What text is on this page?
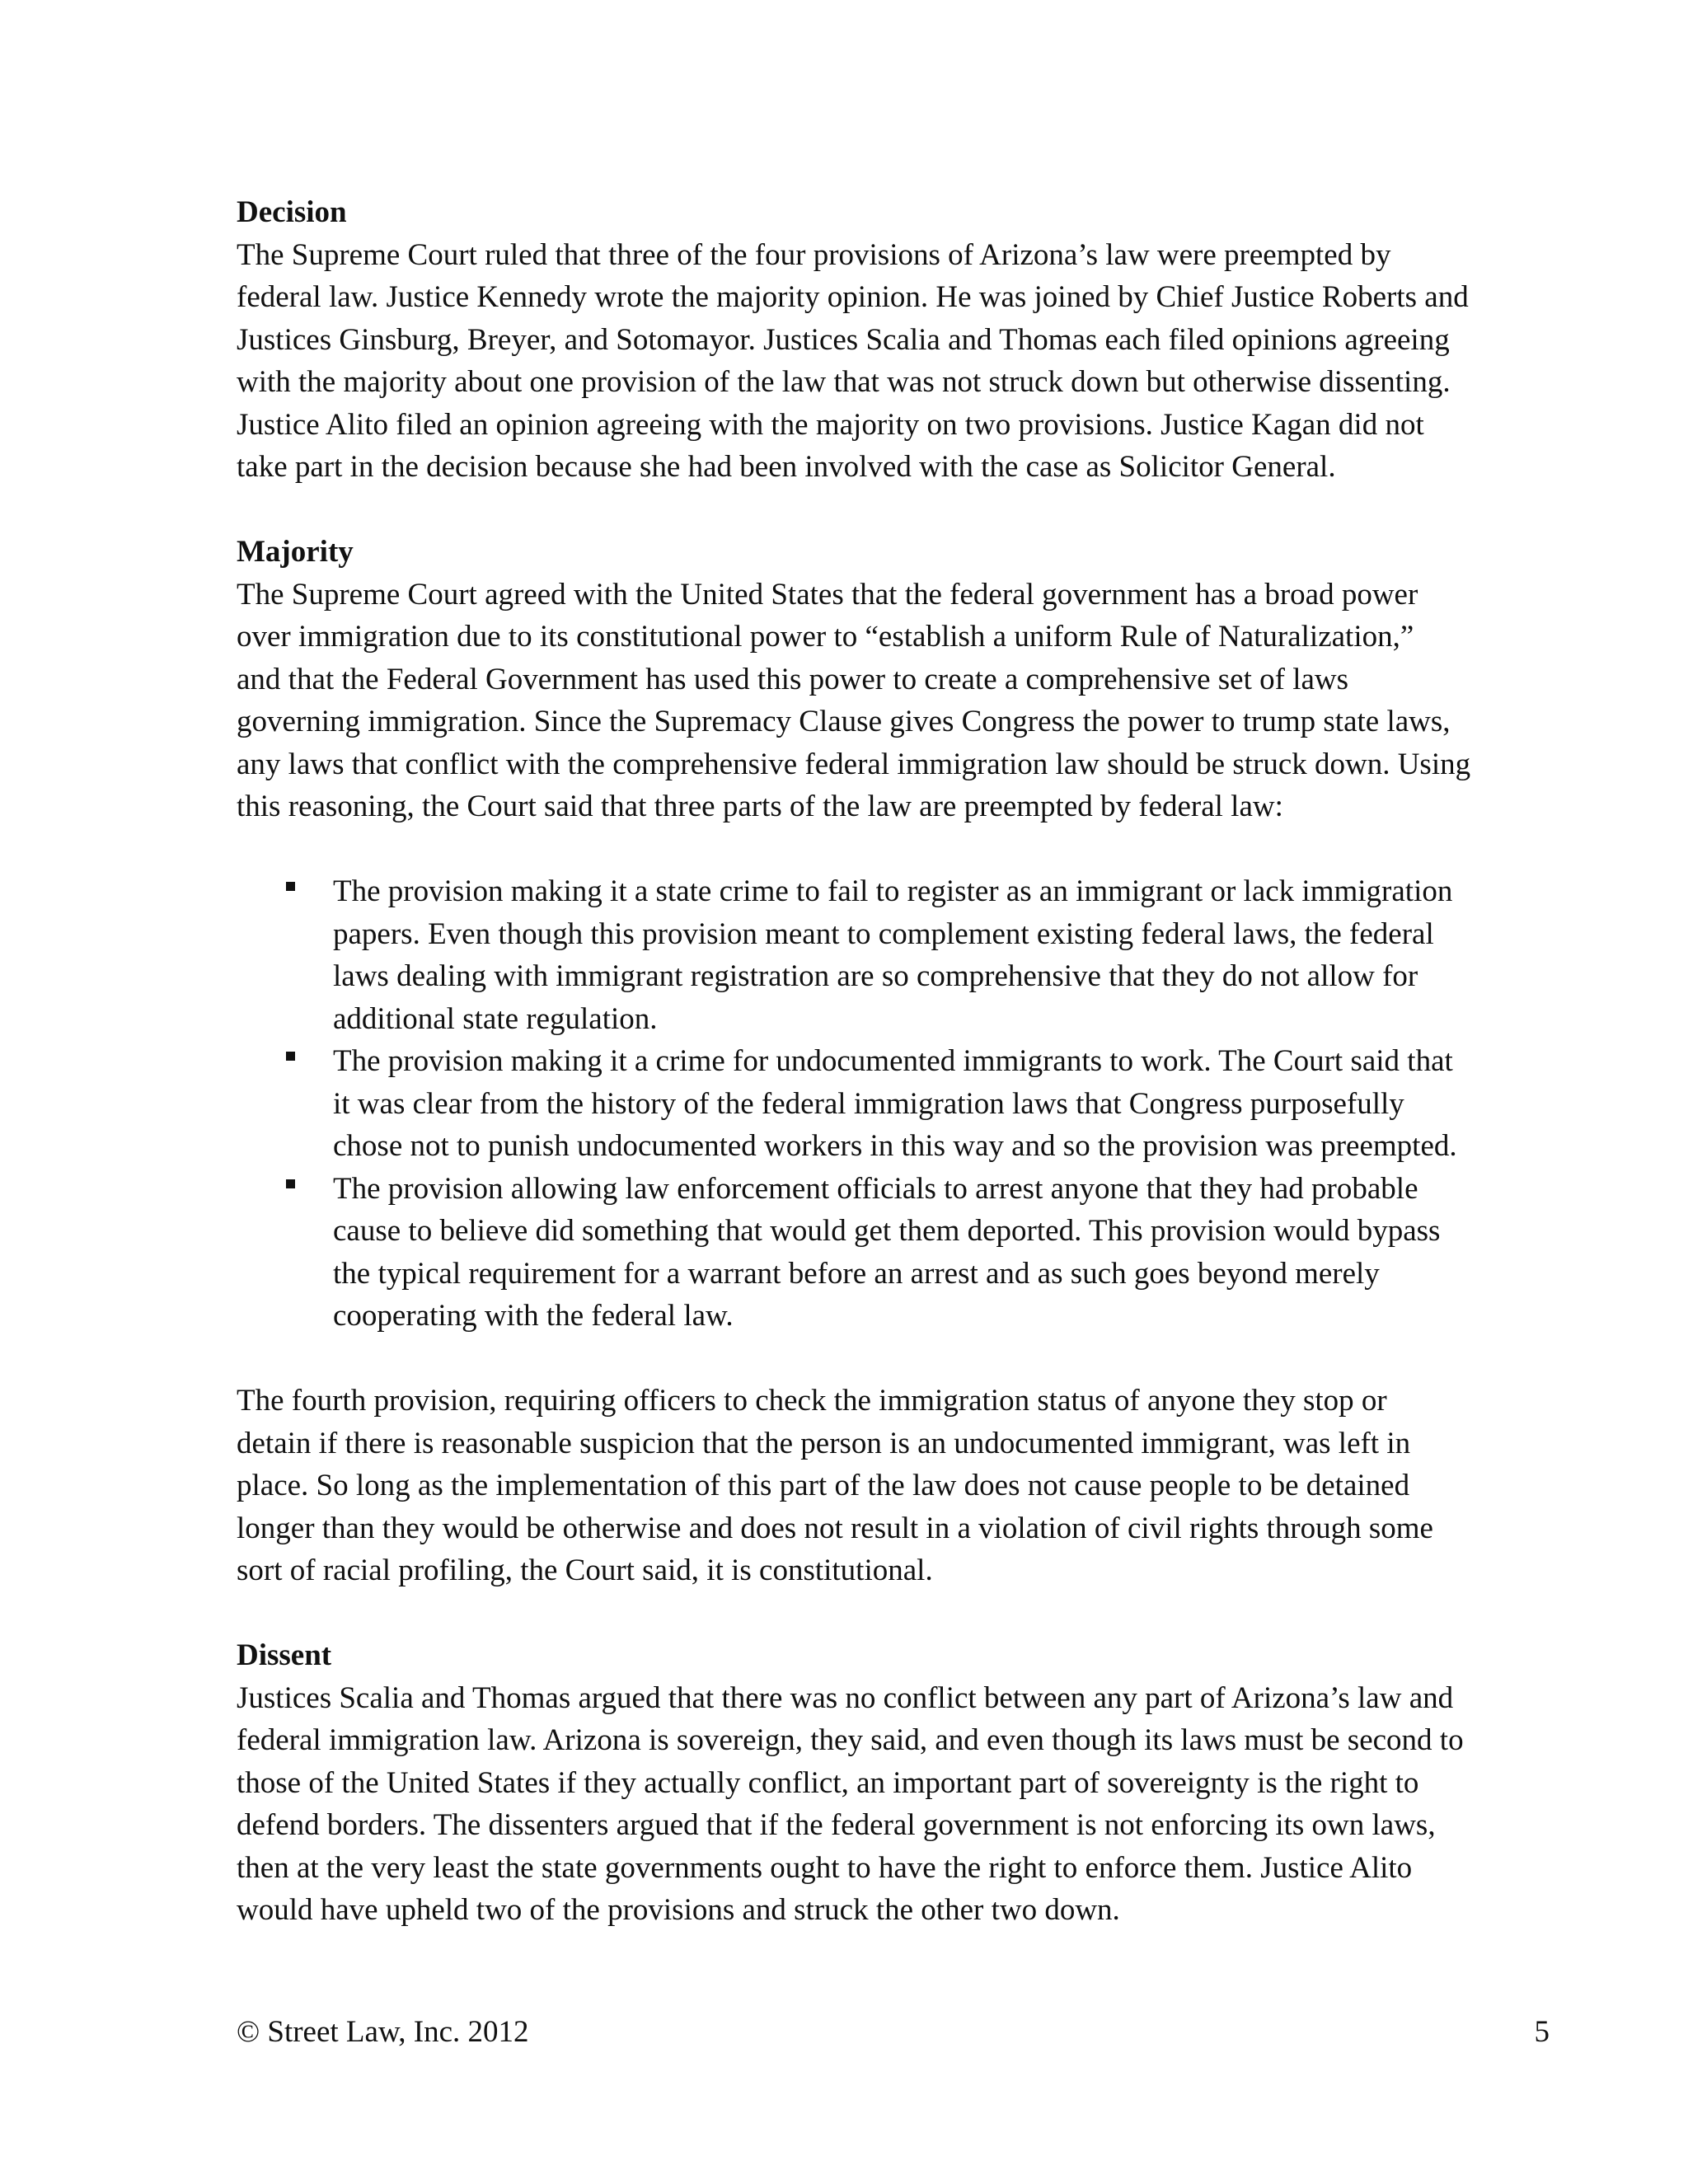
Decision
The Supreme Court ruled that three of the four provisions of Arizona’s law were preempted by
federal law. Justice Kennedy wrote the majority opinion. He was joined by Chief Justice Roberts and
Justices Ginsburg, Breyer, and Sotomayor. Justices Scalia and Thomas each filed opinions agreeing
with the majority about one provision of the law that was not struck down but otherwise dissenting.
Justice Alito filed an opinion agreeing with the majority on two provisions. Justice Kagan did not
take part in the decision because she had been involved with the case as Solicitor General.
Majority
The Supreme Court agreed with the United States that the federal government has a broad power
over immigration due to its constitutional power to “establish a uniform Rule of Naturalization,”
and that the Federal Government has used this power to create a comprehensive set of laws
governing immigration. Since the Supremacy Clause gives Congress the power to trump state laws,
any laws that conflict with the comprehensive federal immigration law should be struck down. Using
this reasoning, the Court said that three parts of the law are preempted by federal law:
The provision making it a state crime to fail to register as an immigrant or lack immigration
papers. Even though this provision meant to complement existing federal laws, the federal
laws dealing with immigrant registration are so comprehensive that they do not allow for
additional state regulation.
The provision making it a crime for undocumented immigrants to work. The Court said that
it was clear from the history of the federal immigration laws that Congress purposefully
chose not to punish undocumented workers in this way and so the provision was preempted.
The provision allowing law enforcement officials to arrest anyone that they had probable
cause to believe did something that would get them deported. This provision would bypass
the typical requirement for a warrant before an arrest and as such goes beyond merely
cooperating with the federal law.
The fourth provision, requiring officers to check the immigration status of anyone they stop or
detain if there is reasonable suspicion that the person is an undocumented immigrant, was left in
place. So long as the implementation of this part of the law does not cause people to be detained
longer than they would be otherwise and does not result in a violation of civil rights through some
sort of racial profiling, the Court said, it is constitutional.
Dissent
Justices Scalia and Thomas argued that there was no conflict between any part of Arizona’s law and
federal immigration law. Arizona is sovereign, they said, and even though its laws must be second to
those of the United States if they actually conflict, an important part of sovereignty is the right to
defend borders. The dissenters argued that if the federal government is not enforcing its own laws,
then at the very least the state governments ought to have the right to enforce them. Justice Alito
would have upheld two of the provisions and struck the other two down.
© Street Law, Inc. 2012	5
